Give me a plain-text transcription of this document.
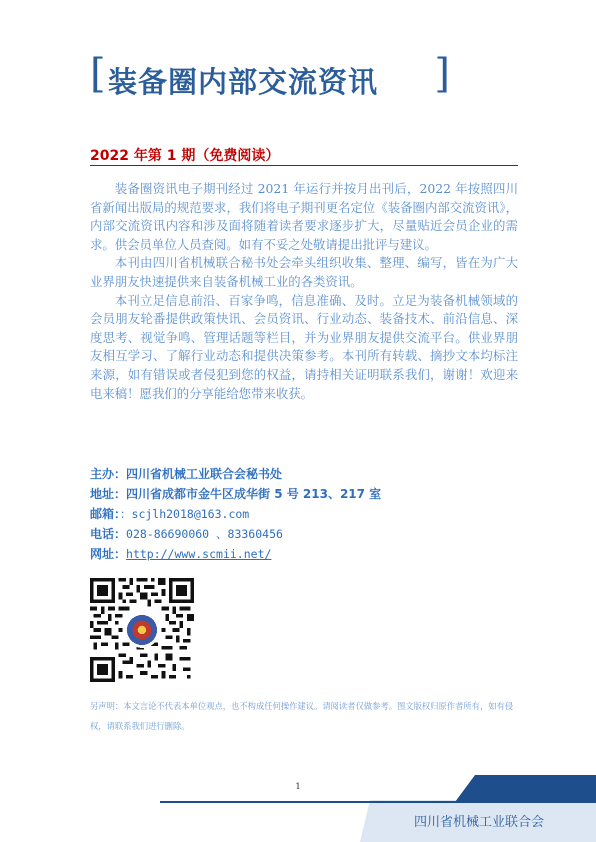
[ 装备圈内部交流资讯 ]
2022 年第 1 期（免费阅读）

装备圈资讯电子期刊经过 2021 年运行并按月出刊后，2022 年按照四川省新闻出版局的规范要求，我们将电子期刊更名定位《装备圈内部交流资讯》，内部交流资讯内容和涉及面将随着读者要求逐步扩大，尽量贴近会员企业的需求。供会员单位人员查阅。如有不妥之处敬请提出批评与建议。

本刊由四川省机械联合秘书处会牵头组织收集、整理、编写，皆在为广大业界朋友快速提供来自装备机械工业的各类资讯。

本刊立足信息前沿、百家争鸣，信息准确、及时。立足为装备机械领域的会员朋友轮番提供政策快讯、会员资讯、行业动态、装备技术、前沿信息、深度思考、视觉争鸣、管理话题等栏目，并为业界朋友提供交流平台。供业界朋友相互学习、了解行业动态和提供决策参考。本刊所有转载、摘抄文本均标注来源，如有错误或者侵犯到您的权益，请持相关证明联系我们，谢谢！欢迎来电来稿！愿我们的分享能给您带来收获。

主办：四川省机械工业联合会秘书处
地址：四川省成都市金牛区成华街 5 号 213、217 室
邮箱：：scjlh2018@163.com
电话：028-86690060 、83360456
网址：http://www.scmii.net/
另声明：本文言论不代表本单位观点，也不构成任何操作建议。请阅读者仅做参考。图文版权归原作者所有，如有侵权，请联系我们进行删除。
1
四川省机械工业联合会
